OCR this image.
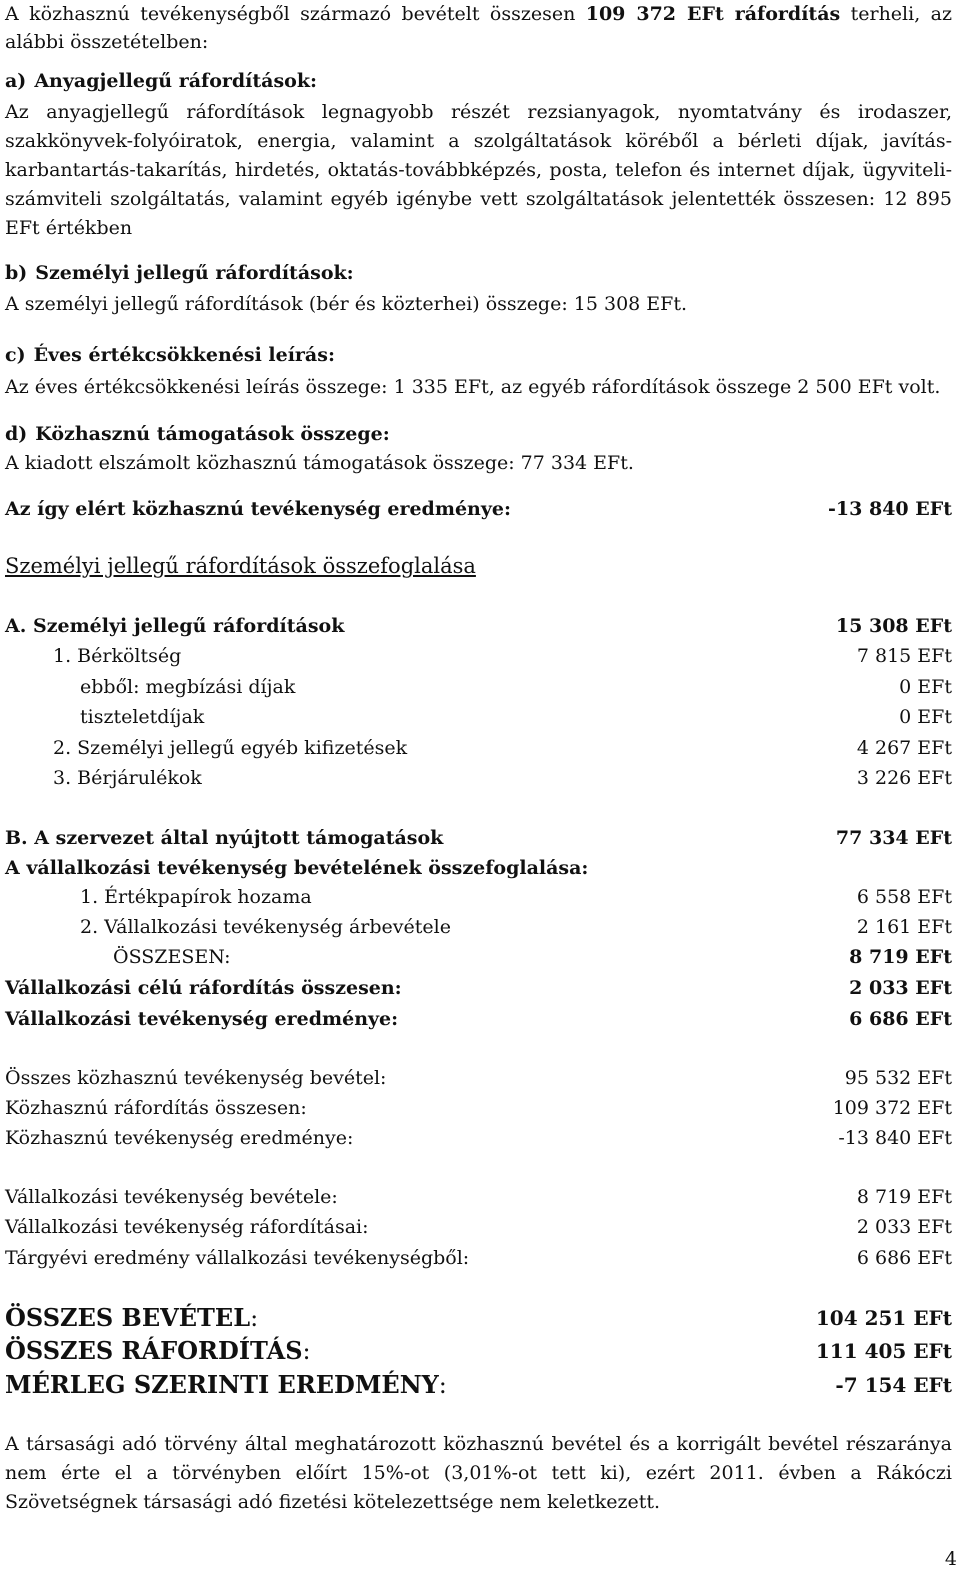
A közhasznú tevékenységből származó bevételt összesen 109 372 EFt ráfordítás terheli, az alábbi összetételben:
a) Anyagjellegű ráfordítások:
Az anyagjellegű ráfordítások legnagyobb részét rezsianyagok, nyomtatvány és irodaszer, szakkönyvek-folyóiratok, energia, valamint a szolgáltatások köréből a bérleti díjak, javítás-karbantartás-takarítás, hirdetés, oktatás-továbbképzés, posta, telefon és internet díjak, ügyviteli-számviteli szolgáltatás, valamint egyéb igénybe vett szolgáltatások jelentették összesen: 12 895 EFt értékben
b) Személyi jellegű ráfordítások:
A személyi jellegű ráfordítások (bér és közterhei) összege: 15 308 EFt.
c) Éves értékcsökkenési leírás:
Az éves értékcsökkenési leírás összege: 1 335 EFt, az egyéb ráfordítások összege 2 500 EFt volt.
d) Közhasznú támogatások összege:
A kiadott elszámolt közhasznú támogatások összege: 77 334 EFt.
Az így elért közhasznú tevékenység eredménye:	-13 840 EFt
Személyi jellegű ráfordítások összefoglalása
A. Személyi jellegű ráfordítások	15 308 EFt
1. Bérköltség	7 815 EFt
ebből: megbízási díjak	0 EFt
tiszteletdíjak	0 EFt
2. Személyi jellegű egyéb kifizetések	4 267 EFt
3. Bérjárulékok	3 226 EFt
B. A szervezet által nyújtott támogatások	77 334 EFt
A vállalkozási tevékenység bevételének összefoglalása:
1. Értékpapírok hozama	6 558 EFt
2. Vállalkozási tevékenység árbevétele	2 161 EFt
ÖSSZESEN:	8 719 EFt
Vállalkozási célú ráfordítás összesen:	2 033 EFt
Vállalkozási tevékenység eredménye:	6 686 EFt
Összes közhasznú tevékenység bevétel:	95 532 EFt
Közhasznú ráfordítás összesen:	109 372 EFt
Közhasznú tevékenység eredménye:	-13 840 EFt
Vállalkozási tevékenység bevétele:	8 719 EFt
Vállalkozási tevékenység ráfordításai:	2 033 EFt
Tárgyévi eredmény vállalkozási tevékenységből:	6 686 EFt
ÖSSZES BEVÉTEL:	104 251 EFt
ÖSSZES RÁFORDÍTÁS:	111 405 EFt
MÉRLEG SZERINTI EREDMÉNY:	-7 154 EFt
A társasági adó törvény által meghatározott közhasznú bevétel és a korrigált bevétel részaránya nem érte el a törvényben előírt 15%-ot (3,01%-ot tett ki), ezért 2011. évben a Rákóczi Szövetségnek társasági adó fizetési kötelezettsége nem keletkezett.
4
